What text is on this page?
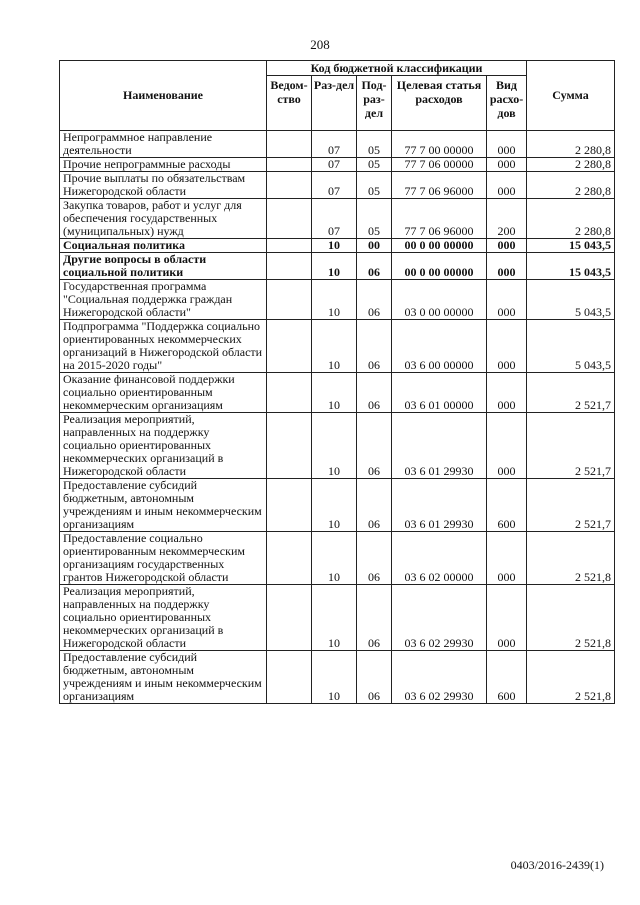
208
Наименование	Код бюджетной классификации					Сумма
	Ведом-ство	Раз-дел	Под-раз-дел	Целевая статья расходов	Вид расхо-дов	
Непрограммное направление деятельности		07	05	77 7 00 00000	000	2 280,8
Прочие непрограммные расходы		07	05	77 7 06 00000	000	2 280,8
Прочие выплаты по обязательствам Нижегородской области		07	05	77 7 06 96000	000	2 280,8
Закупка товаров, работ и услуг для обеспечения государственных (муниципальных) нужд		07	05	77 7 06 96000	200	2 280,8
Социальная политика		10	00	00 0 00 00000	000	15 043,5
Другие вопросы в области социальной политики		10	06	00 0 00 00000	000	15 043,5
Государственная программа "Социальная поддержка граждан Нижегородской области"		10	06	03 0 00 00000	000	5 043,5
Подпрограмма "Поддержка социально ориентированных некоммерческих организаций в Нижегородской области на 2015-2020 годы"		10	06	03 6 00 00000	000	5 043,5
Оказание финансовой поддержки социально ориентированным некоммерческим организациям		10	06	03 6 01 00000	000	2 521,7
Реализация мероприятий, направленных на поддержку социально ориентированных некоммерческих организаций в Нижегородской области		10	06	03 6 01 29930	000	2 521,7
Предоставление субсидий бюджетным, автономным учреждениям и иным некоммерческим организациям		10	06	03 6 01 29930	600	2 521,7
Предоставление социально ориентированным некоммерческим организациям государственных грантов Нижегородской области		10	06	03 6 02 00000	000	2 521,8
Реализация мероприятий, направленных на поддержку социально ориентированных некоммерческих организаций в Нижегородской области		10	06	03 6 02 29930	000	2 521,8
Предоставление субсидий бюджетным, автономным учреждениям и иным некоммерческим организациям		10	06	03 6 02 29930	600	2 521,8
0403/2016-2439(1)
